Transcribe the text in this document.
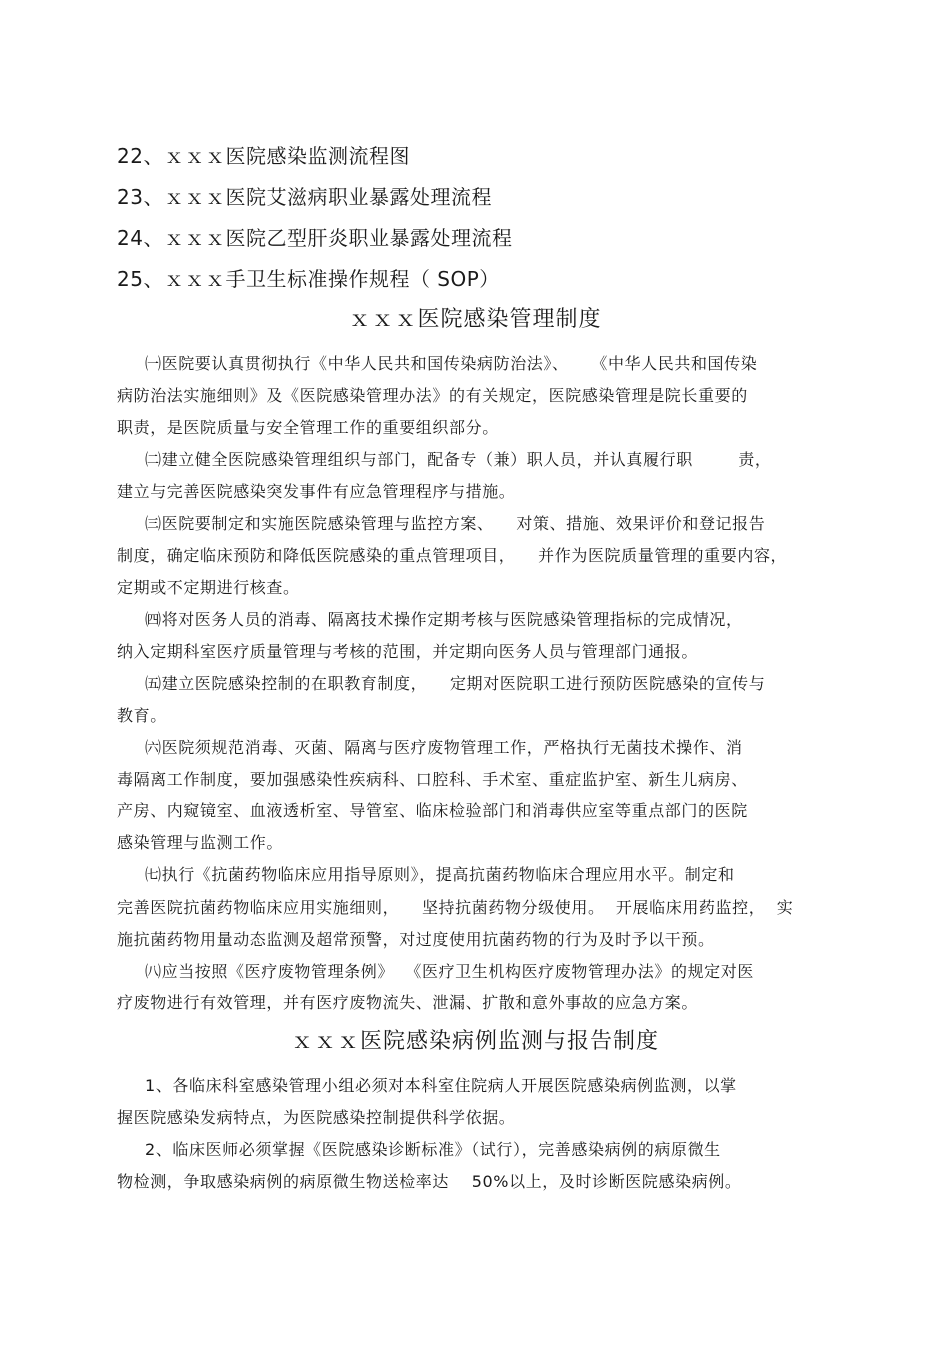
22、ｘｘｘ医院感染监测流程图
23、ｘｘｘ医院艾滋病职业暴露处理流程
24、ｘｘｘ医院乙型肝炎职业暴露处理流程
25、ｘｘｘ手卫生标准操作规程（ SOP）
ｘｘｘ医院感染管理制度
㈠医院要认真贯彻执行《中华人民共和国传染病防治法》、    《中华人民共和国传染
病防治法实施细则》及《医院感染管理办法》的有关规定，医院感染管理是院长重要的
职责，是医院质量与安全管理工作的重要组织部分。
㈡建立健全医院感染管理组织与部门，配备专（兼）职人员，并认真履行职        责，
建立与完善医院感染突发事件有应急管理程序与措施。
㈢医院要制定和实施医院感染管理与监控方案、    对策、措施、效果评价和登记报告
制度，确定临床预防和降低医院感染的重点管理项目，    并作为医院质量管理的重要内容，
定期或不定期进行核查。
㈣将对医务人员的消毒、隔离技术操作定期考核与医院感染管理指标的完成情况，
纳入定期科室医疗质量管理与考核的范围，并定期向医务人员与管理部门通报。
㈤建立医院感染控制的在职教育制度，    定期对医院职工进行预防医院感染的宣传与
教育。
㈥医院须规范消毒、灭菌、隔离与医疗废物管理工作，严格执行无菌技术操作、消
毒隔离工作制度，要加强感染性疾病科、口腔科、手术室、重症监护室、新生儿病房、
产房、内窥镜室、血液透析室、导管室、临床检验部门和消毒供应室等重点部门的医院
感染管理与监测工作。
㈦执行《抗菌药物临床应用指导原则》，提高抗菌药物临床合理应用水平。制定和
完善医院抗菌药物临床应用实施细则，    坚持抗菌药物分级使用。  开展临床用药监控，  实
施抗菌药物用量动态监测及超常预警，对过度使用抗菌药物的行为及时予以干预。
㈧应当按照《医疗废物管理条例》  《医疗卫生机构医疗废物管理办法》的规定对医
疗废物进行有效管理，并有医疗废物流失、泄漏、扩散和意外事故的应急方案。
ｘｘｘ医院感染病例监测与报告制度
1、各临床科室感染管理小组必须对本科室住院病人开展医院感染病例监测，以掌
握医院感染发病特点，为医院感染控制提供科学依据。
2、临床医师必须掌握《医院感染诊断标准》（试行），完善感染病例的病原微生
物检测，争取感染病例的病原微生物送检率达    50%以上，及时诊断医院感染病例。
